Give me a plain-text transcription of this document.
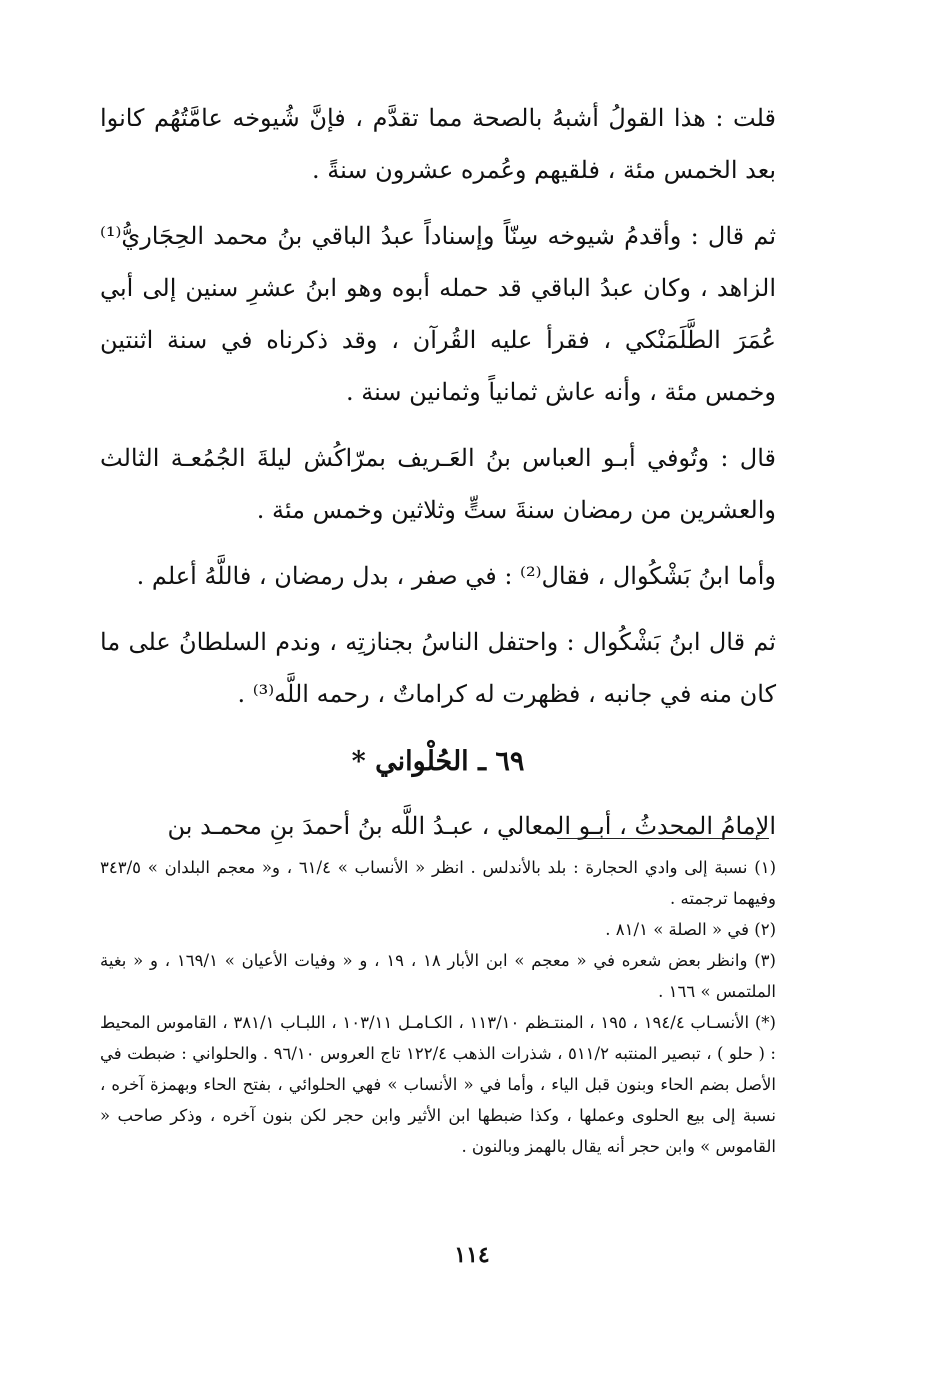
قلت : هذا القولُ أشبهُ بالصحة مما تقدَّم ، فإنَّ شُيوخه عامَّتُهُم كانوا بعد الخمس مئة ، فلقيهم وعُمره عشرون سنةً .

ثم قال : وأقدمُ شيوخه سِنّاً وإسناداً عبدُ الباقي بنُ محمد الحِجَاريُّ⁽¹⁾ الزاهد ، وكان عبدُ الباقي قد حمله أبوه وهو ابنُ عشرِ سنين إلى أبي عُمَرَ الطَّلَمَنْكي ، فقرأ عليه القُرآن ، وقد ذكرناه في سنة اثنتين وخمس مئة ، وأنه عاش ثمانياً وثمانين سنة .

قال : وتُوفي أبـو العباس بنُ العَـريف بمرّاكُش ليلةَ الجُمُعـة الثالث والعشرين من رمضان سنةَ ستٍّ وثلاثين وخمس مئة .

وأما ابنُ بَشْكُوال ، فقال⁽²⁾ : في صفر ، بدل رمضان ، فاللَّهُ أعلم .

ثم قال ابنُ بَشْكُوال : واحتفل الناسُ بجنازتِه ، وندم السلطانُ على ما كان منه في جانبه ، فظهرت له كراماتٌ ، رحمه اللَّه⁽³⁾ .

٦٩ ـ الحُلْواني *

الإمامُ المحدثُ ، أبـو المعالي ، عبـدُ اللَّه بنُ أحمدَ بنِ محمـد بن

(١) نسبة إلى وادي الحجارة : بلد بالأندلس . انظر « الأنساب » ٦١/٤ ، و« معجم البلدان » ٣٤٣/٥ وفيهما ترجمته .

(٢) في « الصلة » ٨١/١ .

(٣) وانظر بعض شعره في « معجم » ابن الأبار ١٨ ، ١٩ ، و « وفيات الأعيان » ١٦٩/١ ، و « بغية الملتمس » ١٦٦ .

(*) الأنسـاب ١٩٤/٤ ، ١٩٥ ، المنتـظم ١١٣/١٠ ، الكـامـل ١٠٣/١١ ، اللبـاب ٣٨١/١ ، القاموس المحيط : ( حلو ) ، تبصير المنتبه ٥١١/٢ ، شذرات الذهب ١٢٢/٤ تاج العروس ٩٦/١٠ . والحلواني : ضبطت في الأصل بضم الحاء وبنون قبل الياء ، وأما في « الأنساب » فهي الحلوائي ، بفتح الحاء وبهمزة آخره ، نسبة إلى بيع الحلوى وعملها ، وكذا ضبطها ابن الأثير وابن حجر لكن بنون آخره ، وذكر صاحب « القاموس » وابن حجر أنه يقال بالهمز وبالنون .

١١٤
